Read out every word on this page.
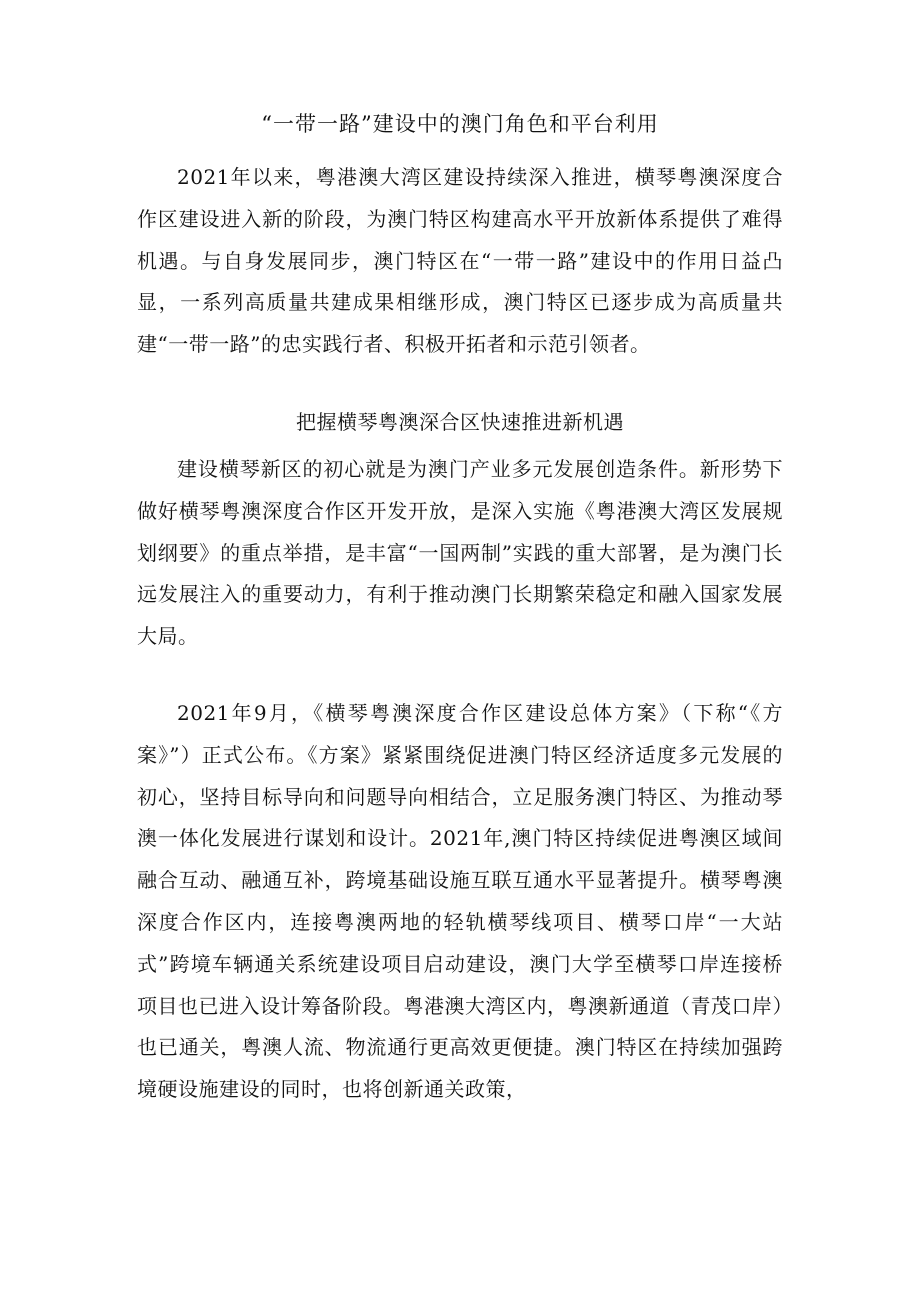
“一带一路”建设中的澳门角色和平台利用

2021年以来，粤港澳大湾区建设持续深入推进，横琴粤澳深度合作区建设进入新的阶段，为澳门特区构建高水平开放新体系提供了难得机遇。与自身发展同步，澳门特区在“一带一路”建设中的作用日益凸显，一系列高质量共建成果相继形成，澳门特区已逐步成为高质量共建“一带一路”的忠实践行者、积极开拓者和示范引领者。

把握横琴粤澳深合区快速推进新机遇

建设横琴新区的初心就是为澳门产业多元发展创造条件。新形势下做好横琴粤澳深度合作区开发开放，是深入实施《粤港澳大湾区发展规划纲要》的重点举措，是丰富“一国两制”实践的重大部署，是为澳门长远发展注入的重要动力，有利于推动澳门长期繁荣稳定和融入国家发展大局。

2021年9月，《横琴粤澳深度合作区建设总体方案》（下称“《方案》”）正式公布。《方案》紧紧围绕促进澳门特区经济适度多元发展的初心，坚持目标导向和问题导向相结合，立足服务澳门特区、为推动琴澳一体化发展进行谋划和设计。2021年,澳门特区持续促进粤澳区域间融合互动、融通互补，跨境基础设施互联互通水平显著提升。横琴粤澳深度合作区内，连接粤澳两地的轻轨横琴线项目、横琴口岸“一大站式”跨境车辆通关系统建设项目启动建设，澳门大学至横琴口岸连接桥项目也已进入设计筹备阶段。粤港澳大湾区内，粤澳新通道（青茂口岸）也已通关，粤澳人流、物流通行更高效更便捷。澳门特区在持续加强跨境硬设施建设的同时，也将创新通关政策，
